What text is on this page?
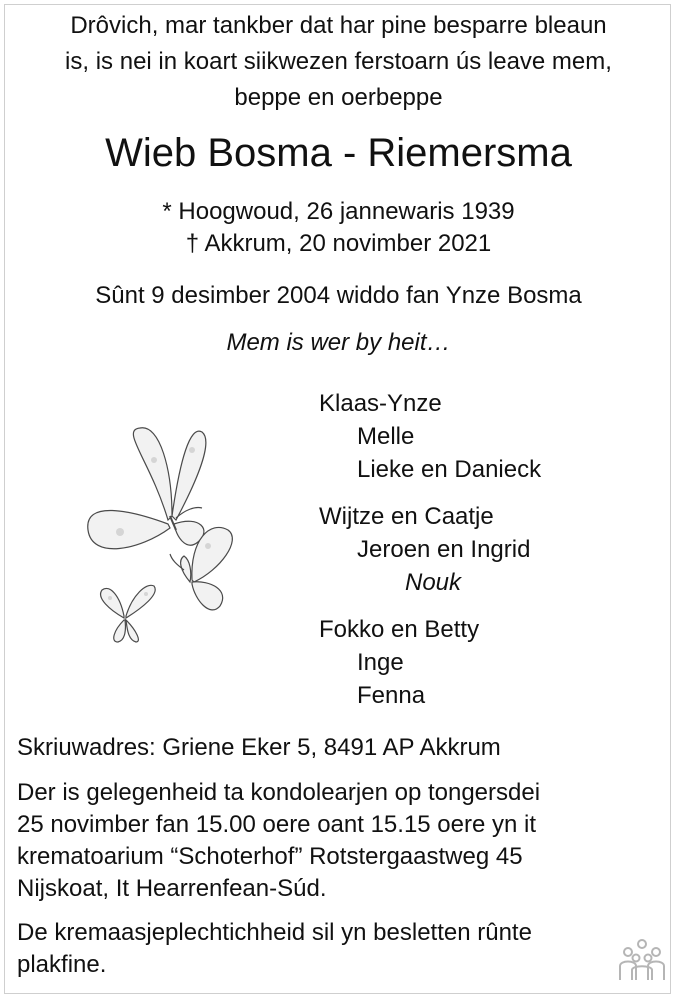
Drôvich, mar tankber dat har pine besparre bleaun
is, is nei in koart siikwezen ferstoarn ús leave mem,
beppe en oerbeppe
Wieb Bosma - Riemersma
* Hoogwoud, 26 jannewaris 1939
† Akkrum, 20 novimber 2021
Sûnt 9 desimber 2004 widdo fan Ynze Bosma
Mem is wer by heit…
Klaas-Ynze
Melle
Lieke en Danieck
Wijtze en Caatje
Jeroen en Ingrid
Nouk
Fokko en Betty
Inge
Fenna
Skriuwadres: Griene Eker 5, 8491 AP Akkrum
Der is gelegenheid ta kondolearjen op tongersdei
25 novimber fan 15.00 oere oant 15.15 oere yn it
krematoarium “Schoterhof” Rotstergaastweg 45
Nijskoat, It Hearrenfean-Súd.
De kremaasjeplechtichheid sil yn besletten rûnte
plakfine.
